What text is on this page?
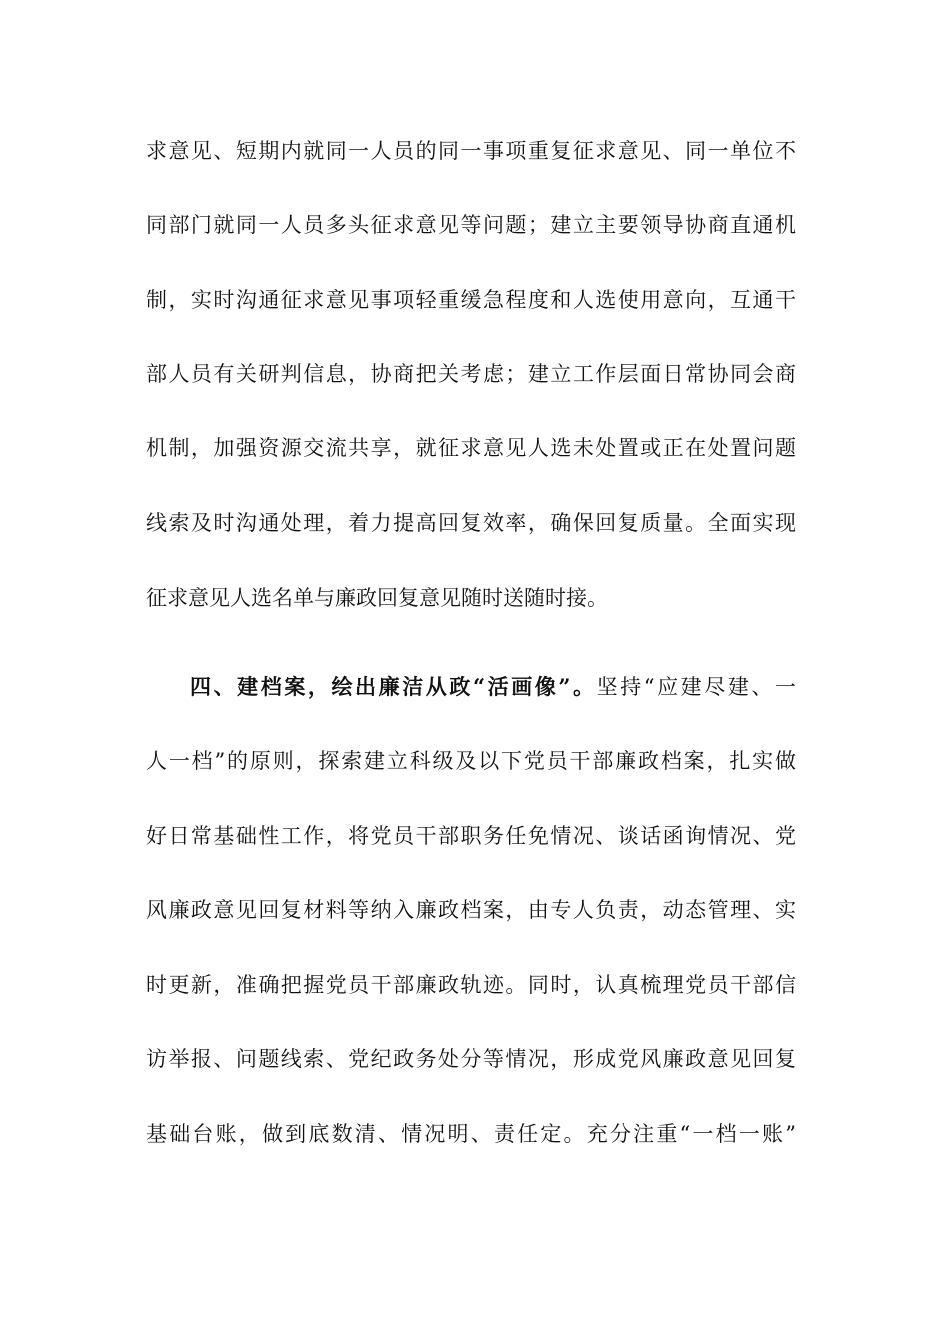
求意见、短期内就同一人员的同一事项重复征求意见、同一单位不
同部门就同一人员多头征求意见等问题；建立主要领导协商直通机
制，实时沟通征求意见事项轻重缓急程度和人选使用意向，互通干
部人员有关研判信息，协商把关考虑；建立工作层面日常协同会商
机制，加强资源交流共享，就征求意见人选未处置或正在处置问题
线索及时沟通处理，着力提高回复效率，确保回复质量。全面实现
征求意见人选名单与廉政回复意见随时送随时接。
四、建档案，绘出廉洁从政“活画像”。坚持“应建尽建、一
人一档”的原则，探索建立科级及以下党员干部廉政档案，扎实做
好日常基础性工作，将党员干部职务任免情况、谈话函询情况、党
风廉政意见回复材料等纳入廉政档案，由专人负责，动态管理、实
时更新，准确把握党员干部廉政轨迹。同时，认真梳理党员干部信
访举报、问题线索、党纪政务处分等情况，形成党风廉政意见回复
基础台账，做到底数清、情况明、责任定。充分注重“一档一账”
